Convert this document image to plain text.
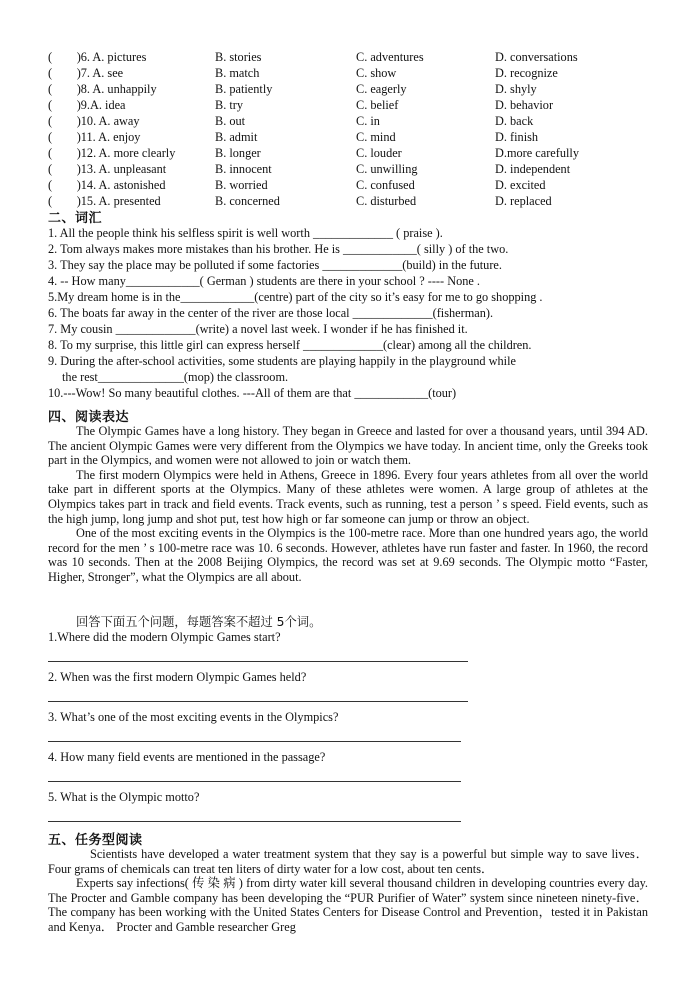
(        )6. A. pictures	B. stories	C. adventures	D. conversations
(        )7. A. see	B. match	C. show	D. recognize
(        )8. A. unhappily	B. patiently	C. eagerly	D. shyly
(        )9.A. idea	B. try	C. belief	D. behavior
(        )10. A. away	B. out	C. in	D. back
(        )11. A. enjoy	B. admit	C. mind	D. finish
(        )12. A. more clearly	B. longer	C. louder	D.more carefully
(        )13. A. unpleasant	B. innocent	C. unwilling	D. independent
(        )14. A. astonished	B. worried	C. confused	D. excited
(        )15. A. presented	B. concerned	C. disturbed	D. replaced
二、词汇
1. All the people think his selfless spirit is well worth _____________ ( praise ).
2. Tom always makes more mistakes than his brother. He is ____________( silly ) of the two.
3. They say the place may be polluted if some factories _____________(build) in the future.
4. -- How many____________( German ) students are there in your school ? ---- None .
5.My dream home is in the____________(centre) part of the city so it’s easy for me to go shopping .
6. The boats far away in the center of the river are those local _____________(fisherman).
7. My cousin _____________(write) a novel last week. I wonder if he has finished it.
8. To my surprise, this little girl can express herself _____________(clear) among all the children.
9. During the after-school activities, some students are playing happily in the playground while
the rest______________(mop) the classroom.
10.---Wow! So many beautiful clothes. ---All of them are that ____________(tour)
四、阅读表达

The Olympic Games have a long history. They began in Greece and lasted for over a thousand years, until 394 AD. The ancient Olympic Games were very different from the Olympics we have today. In ancient time, only the Greeks took part in the Olympics, and women were not allowed to join or watch them.

The first modern Olympics were held in Athens, Greece in 1896. Every four years athletes from all over the world take part in different sports at the Olympics. Many of these athletes were women. A large group of athletes at the Olympics takes part in track and field events. Track events, such as running, test a person ’ s speed. Field events, such as the high jump, long jump and shot put, test how high or far someone can jump or throw an object.

One of the most exciting events in the Olympics is the 100-metre race. More than one hundred years ago, the world record for the men ’ s 100-metre race was 10. 6 seconds. However, athletes have run faster and faster. In 1960, the record was 10 seconds. Then at the 2008 Beijing Olympics, the record was set at 9.69 seconds. The Olympic motto “Faster, Higher, Stronger”, what the Olympics are all about.

回答下面五个问题，每题答案不超过 5个词。
1.Where did the modern Olympic Games start?
2. When was the first modern Olympic Games held?
3. What’s one of the most exciting events in the Olympics?
4. How many field events are mentioned in the passage?
5. What is the Olympic motto?
五、任务型阅读

Scientists have developed a water treatment system that they say is a powerful but simple way to save lives．Four grams of chemicals can treat ten liters of dirty water for a low cost, about ten cents．

Experts say infections( 传 染 病 ) from dirty water kill several thousand children in developing countries every day. The Procter and Gamble company has been developing the “PUR Purifier of Water” system since nineteen ninety-five． The company has been working with the United States Centers for Disease Control and Prevention，tested it in Pakistan and Kenya． Procter and Gamble researcher Greg
